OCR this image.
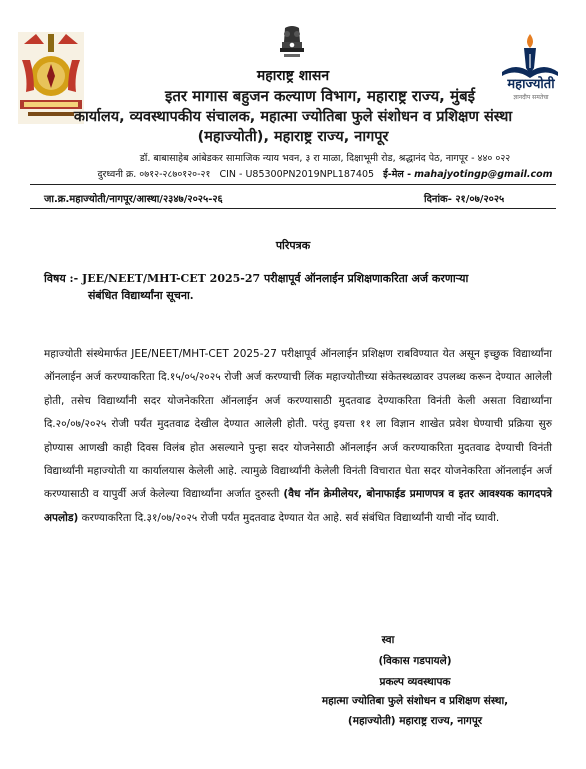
महाज्योती
ज्ञानदीप समतेचा
महाराष्ट्र शासन
इतर मागास बहुजन कल्याण विभाग, महाराष्ट्र राज्य, मुंबई
कार्यालय, व्यवस्थापकीय संचालक, महात्मा ज्योतिबा फुले संशोधन व प्रशिक्षण संस्था
(महाज्योती), महाराष्ट्र राज्य, नागपूर
डॉ. बाबासाहेब आंबेडकर सामाजिक न्याय भवन, ३ रा माळा, दिक्षाभूमी रोड, श्रद्धानंद पेठ, नागपूर - ४४० ०२२
दुरध्वनी क्र. ०७१२-२८७०१२०-२१ CIN - U85300PN2019NPL187405 ई-मेल - mahajyotingp@gmail.com
जा.क्र.महाज्योती/नागपूर/आस्था/२३४७/२०२५-२६	दिनांक- २१/०७/२०२५
परिपत्रक
विषय :- JEE/NEET/MHT-CET 2025-27 परीक्षापूर्व ऑनलाईन प्रशिक्षणाकरिता अर्ज करणाऱ्या
संबंधित विद्यार्थ्यांना सूचना.
महाज्योती संस्थेमार्फत JEE/NEET/MHT-CET 2025-27 परीक्षापूर्व ऑनलाईन प्रशिक्षण राबविण्यात येत असून इच्छुक विद्यार्थ्यांना ऑनलाईन अर्ज करण्याकरिता दि.१५/०५/२०२५ रोजी अर्ज करण्याची लिंक महाज्योतीच्या संकेतस्थळावर उपलब्ध करून देण्यात आलेली होती, तसेच विद्यार्थ्यांनी सदर योजनेकरिता ऑनलाईन अर्ज करण्यासाठी मुदतवाढ देण्याकरिता विनंती केली असता विद्यार्थ्यांना दि.२०/०७/२०२५ रोजी पर्यंत मुदतवाढ देखील देण्यात आलेली होती. परंतु इयत्ता ११ ला विज्ञान शाखेत प्रवेश घेण्याची प्रक्रिया सुरु होण्यास आणखी काही दिवस विलंब होत असल्याने पुन्हा सदर योजनेसाठी ऑनलाईन अर्ज करण्याकरिता मुदतवाढ देण्याची विनंती विद्यार्थ्यांनी महाज्योती या कार्यालयास केलेली आहे. त्यामुळे विद्यार्थ्यांनी केलेली विनंती विचारात घेता सदर योजनेकरिता ऑनलाईन अर्ज करण्यासाठी व यापुर्वी अर्ज केलेल्या विद्यार्थ्यांना अर्जात दुरुस्ती (वैध नॉन क्रेमीलेयर, बोनाफाईड प्रमाणपत्र व इतर आवश्यक कागदपत्रे अपलोड) करण्याकरिता दि.३१/०७/२०२५ रोजी पर्यंत मुदतवाढ देण्यात येत आहे. सर्व संबंधित विद्यार्थ्यांनी याची नोंद घ्यावी.
स्वा
(विकास गडपायले)
प्रकल्प व्यवस्थापक
महात्मा ज्योतिबा फुले संशोधन व प्रशिक्षण संस्था,
(महाज्योती) महाराष्ट्र राज्य, नागपूर
